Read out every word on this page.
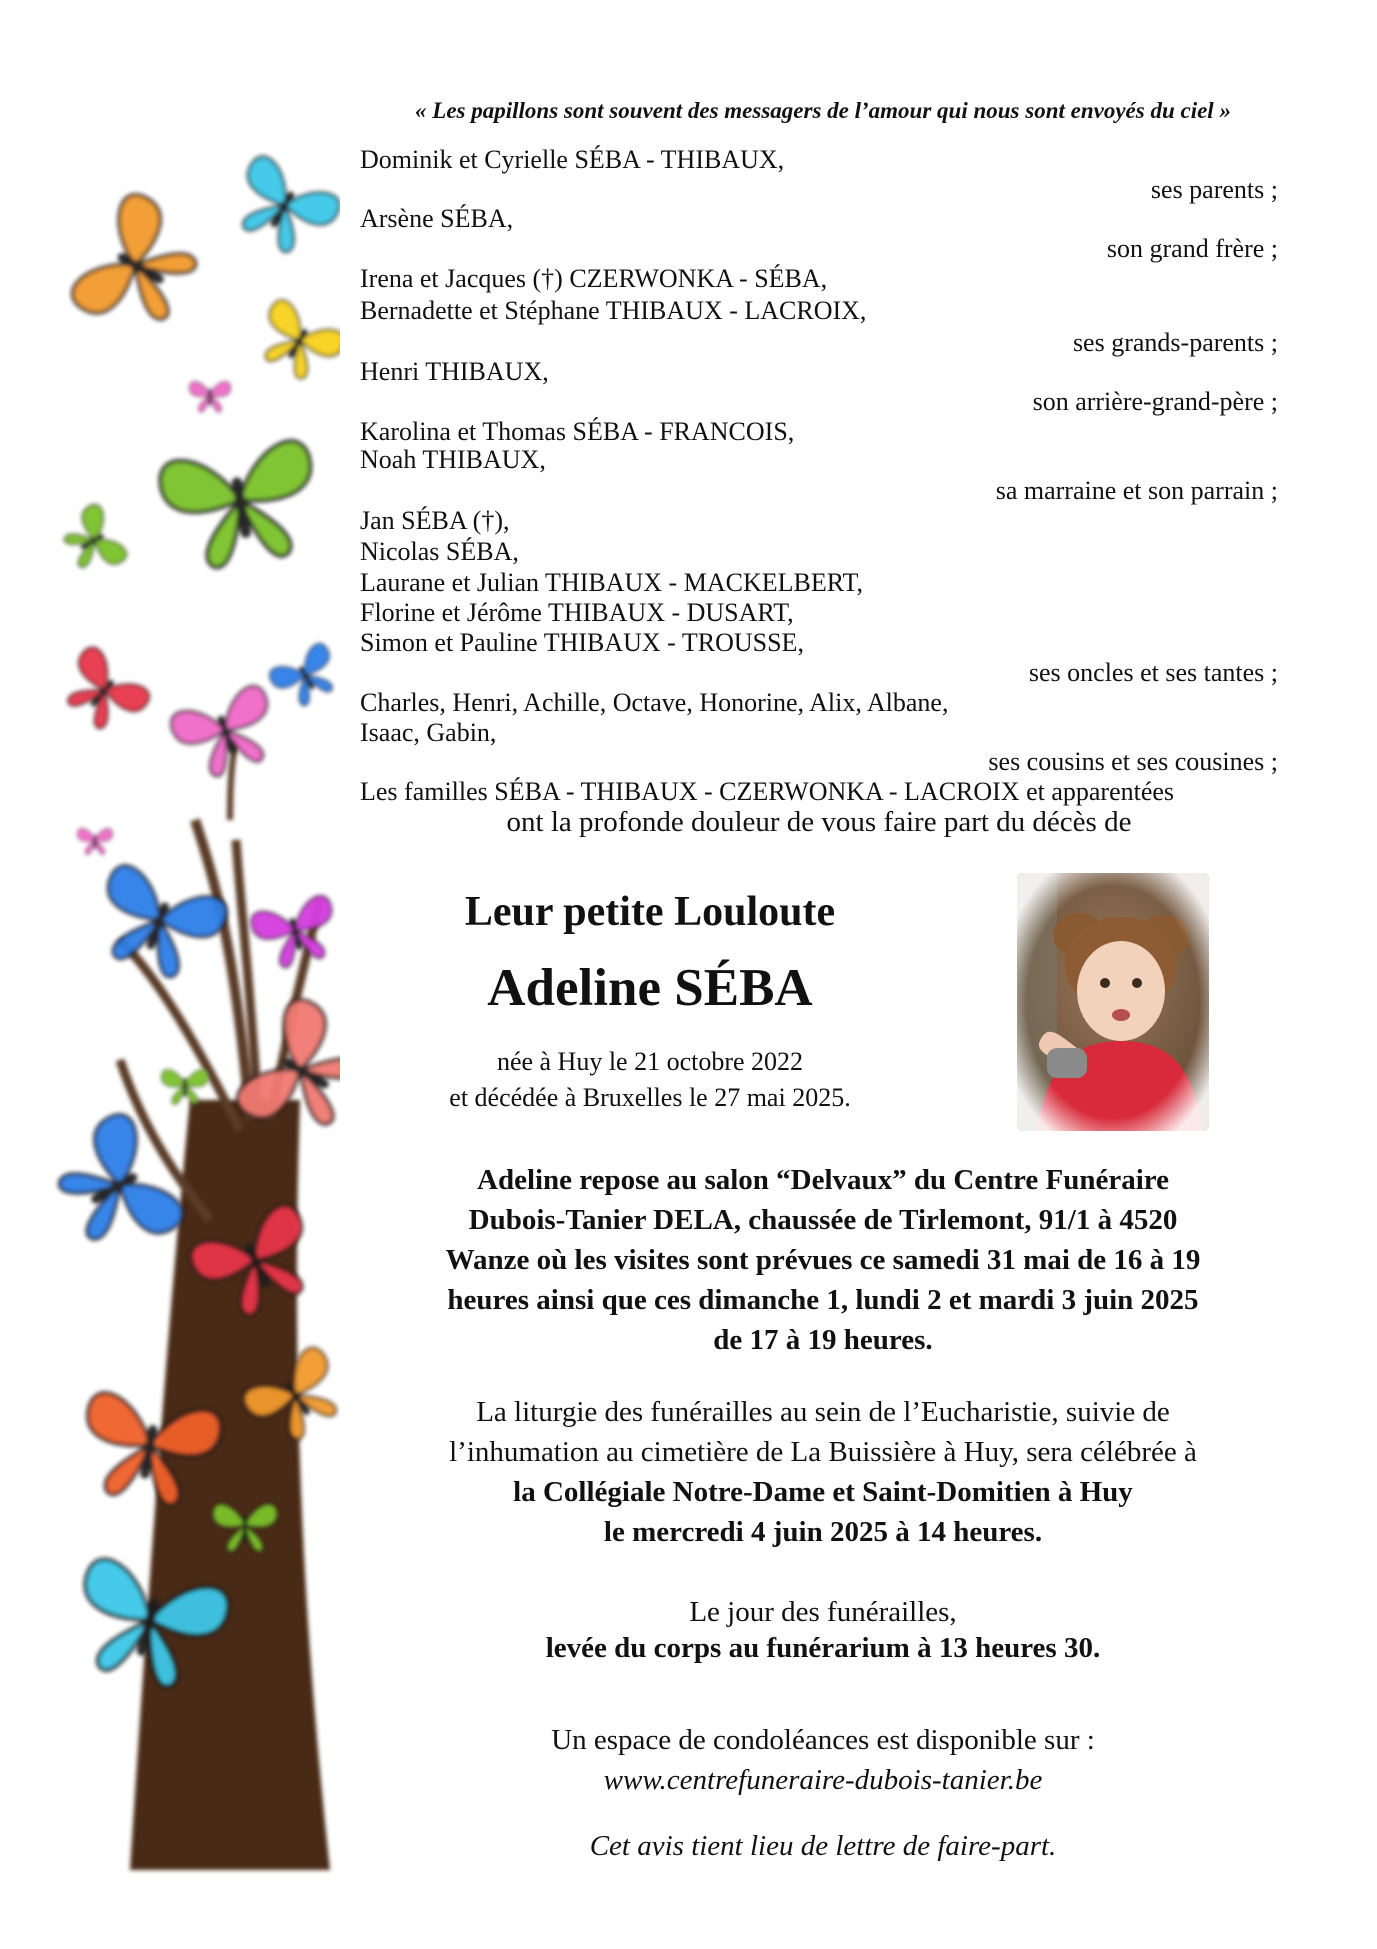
« Les papillons sont souvent des messagers de l’amour qui nous sont envoyés du ciel »
Dominik et Cyrielle SÉBA - THIBAUX,
ses parents ;
Arsène SÉBA,
son grand frère ;
Irena et Jacques (†) CZERWONKA - SÉBA,
Bernadette et Stéphane THIBAUX - LACROIX,
ses grands-parents ;
Henri THIBAUX,
son arrière-grand-père ;
Karolina et Thomas SÉBA - FRANCOIS,
Noah THIBAUX,
sa marraine et son parrain ;
Jan SÉBA (†),
Nicolas SÉBA,
Laurane et Julian THIBAUX - MACKELBERT,
Florine et Jérôme THIBAUX - DUSART,
Simon et Pauline THIBAUX - TROUSSE,
ses oncles et ses tantes ;
Charles, Henri, Achille, Octave, Honorine, Alix, Albane,
Isaac, Gabin,
ses cousins et ses cousines ;
Les familles SÉBA - THIBAUX - CZERWONKA - LACROIX et apparentées
ont la profonde douleur de vous faire part du décès de
Leur petite Louloute
Adeline SÉBA
née à Huy le 21 octobre 2022
et décédée à Bruxelles le 27 mai 2025.
Adeline repose au salon “Delvaux” du Centre Funéraire
Dubois-Tanier DELA, chaussée de Tirlemont, 91/1 à 4520
Wanze où les visites sont prévues ce samedi 31 mai de 16 à 19
heures ainsi que ces dimanche 1, lundi 2 et mardi 3 juin 2025
de 17 à 19 heures.
La liturgie des funérailles au sein de l’Eucharistie, suivie de
l’inhumation au cimetière de La Buissière à Huy, sera célébrée à
la Collégiale Notre-Dame et Saint-Domitien à Huy
le mercredi 4 juin 2025 à 14 heures.
Le jour des funérailles,
levée du corps au funérarium à 13 heures 30.
Un espace de condoléances est disponible sur :
www.centrefuneraire-dubois-tanier.be
Cet avis tient lieu de lettre de faire-part.
